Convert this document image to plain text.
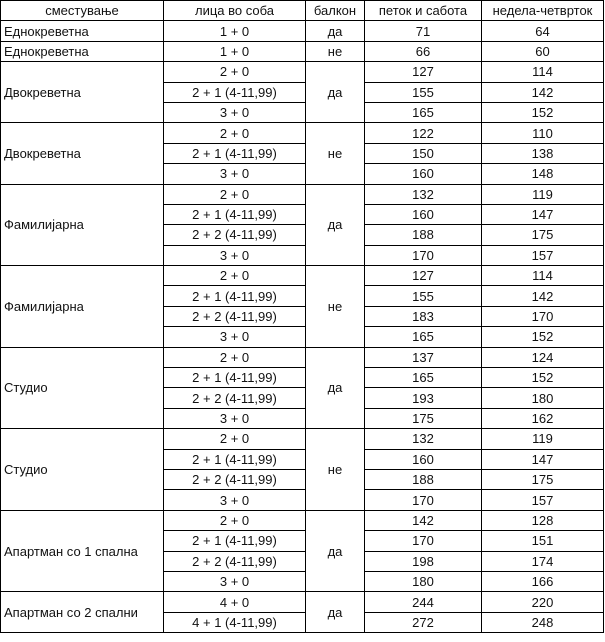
сместување	лица во соба	балкон	петок и сабота	недела-четврток
Еднокреветна	1 + 0	да	71	64
Еднокреветна	1 + 0	не	66	60
Двокреветна	2 + 0	да	127	114
	2 + 1 (4-11,99)		155	142
	3 + 0		165	152
Двокреветна	2 + 0	не	122	110
	2 + 1 (4-11,99)		150	138
	3 + 0		160	148
Фамилијарна	2 + 0	да	132	119
	2 + 1 (4-11,99)		160	147
	2 + 2 (4-11,99)		188	175
	3 + 0		170	157
Фамилијарна	2 + 0	не	127	114
	2 + 1 (4-11,99)		155	142
	2 + 2 (4-11,99)		183	170
	3 + 0		165	152
Студио	2 + 0	да	137	124
	2 + 1 (4-11,99)		165	152
	2 + 2 (4-11,99)		193	180
	3 + 0		175	162
Студио	2 + 0	не	132	119
	2 + 1 (4-11,99)		160	147
	2 + 2 (4-11,99)		188	175
	3 + 0		170	157
Апартман со 1 спална	2 + 0	да	142	128
	2 + 1 (4-11,99)		170	151
	2 + 2 (4-11,99)		198	174
	3 + 0		180	166
Апартман со 2 спални	4 + 0	да	244	220
	4 + 1 (4-11,99)		272	248
